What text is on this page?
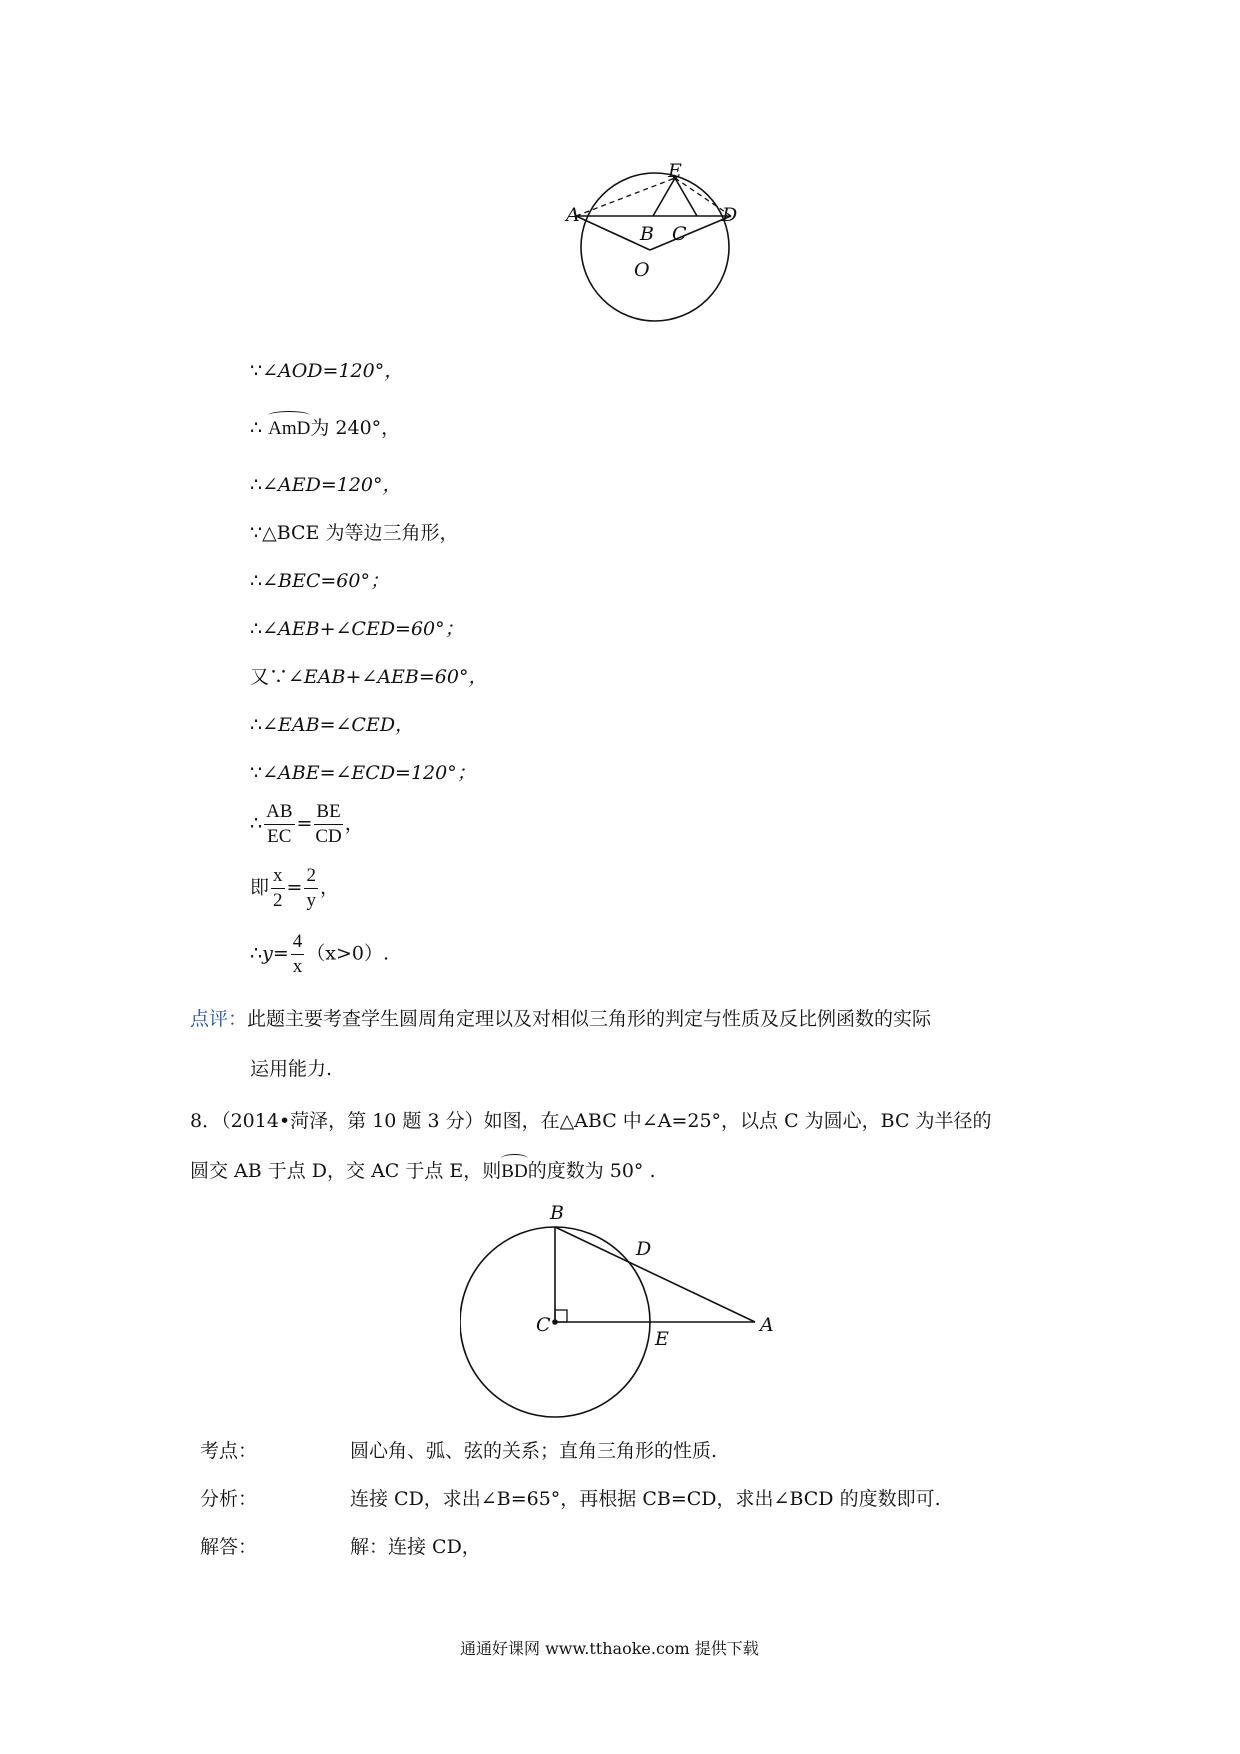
A
E
D
B C
O
∵∠AOD=120°，
∴ AmD为 240°，
∴∠AED=120°，
∵△BCE 为等边三角形，
∴∠BEC=60°；
∴∠AEB+∠CED=60°；
又∵∠EAB+∠AEB=60°，
∴∠EAB=∠CED，
∵∠ABE=∠ECD=120°；
∴ $\frac{AB}{EC} = \frac{BE}{CD}$ ，
即 $\frac{x}{2} = \frac{2}{y}$ ，
∴y= $\frac{4}{x} (x>0)$.
点评：此题主要考查学生圆周角定理以及对相似三角形的判定与性质及反比例函数的实际
运用能力.
8．（2014•菏泽，第 10 题 3 分）如图，在△ABC 中∠A=25°，以点 C 为圆心，BC 为半径的
圆交 AB 于点 D，交 AC 于点 E，则BD的度数为 50° .
B
D
C
E
A
考点：	圆心角、弧、弦的关系；直角三角形的性质.
分析：	连接 CD，求出∠B=65°，再根据 CB=CD，求出∠BCD 的度数即可.
解答：	解：连接 CD，
通通好课网 www.tthaoke.com 提供下载
